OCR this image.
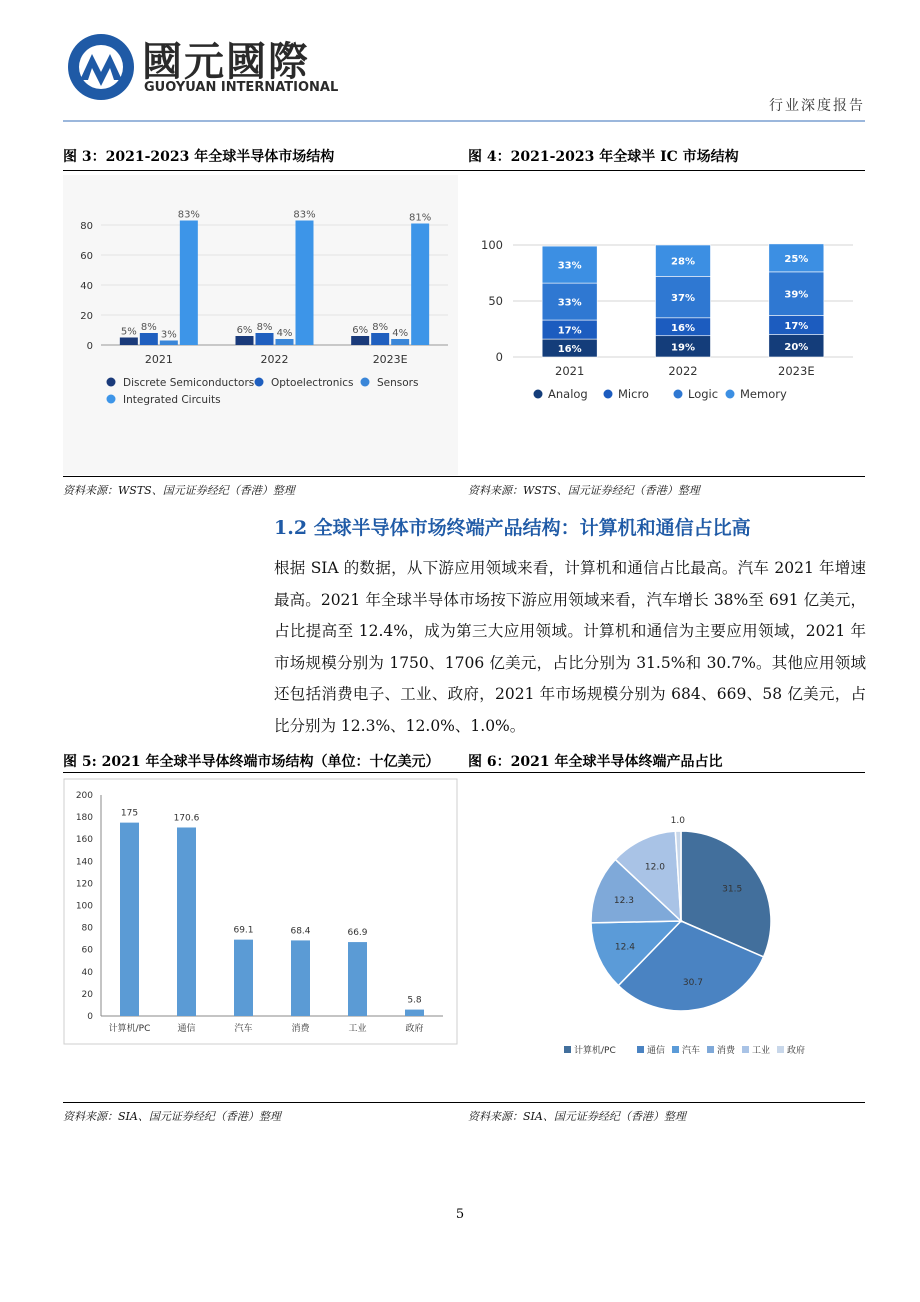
國元國際
GUOYUAN INTERNATIONAL
行业深度报告
图 3：2021-2023 年全球半导体市场结构	图 4：2021-2023 年全球半 IC 市场结构
0
20
40
60
80
5% 8%
3%
83%
2021
6% 8%
4%
83%
2022
6% 8%
4%
81%
2023E
Discrete Semiconductors Optoelectronics Sensors
Integrated Circuits
0
50
100
16%
17%
33%
33%
2021
19%
16%
37%
28%
2022
20%
17%
39%
25%
2023E
Analog	Micro	Logic Memory
资料来源：WSTS、国元证券经纪（香港）整理	资料来源：WSTS、国元证券经纪（香港）整理
1.2 全球半导体市场终端产品结构：计算机和通信占比高
根据 SIA 的数据，从下游应用领域来看，计算机和通信占比最高。汽车 2021 年增速最高。2021 年全球半导体市场按下游应用领域来看，汽车增长 38%至 691 亿美元，占比提高至 12.4%，成为第三大应用领域。计算机和通信为主要应用领域，2021 年市场规模分别为 1750、1706 亿美元，占比分别为 31.5%和 30.7%。其他应用领域还包括消费电子、工业、政府，2021 年市场规模分别为 684、669、58 亿美元，占比分别为 12.3%、12.0%、1.0%。
图 5: 2021 年全球半导体终端市场结构（单位：十亿美元） 图 6：2021 年全球半导体终端产品占比
0
20
40
60
80
100
120
140
160
180
200
175
计算机/PC
170.6
通信
69.1
汽车
68.4
消费
66.9
工业
5.8
政府
31.5
30.7
12.4
12.3
12.0
1.0
计算机/PC	通信 汽车 消费 工业 政府
资料来源：SIA、国元证券经纪（香港）整理	资料来源：SIA、国元证券经纪（香港）整理
5
